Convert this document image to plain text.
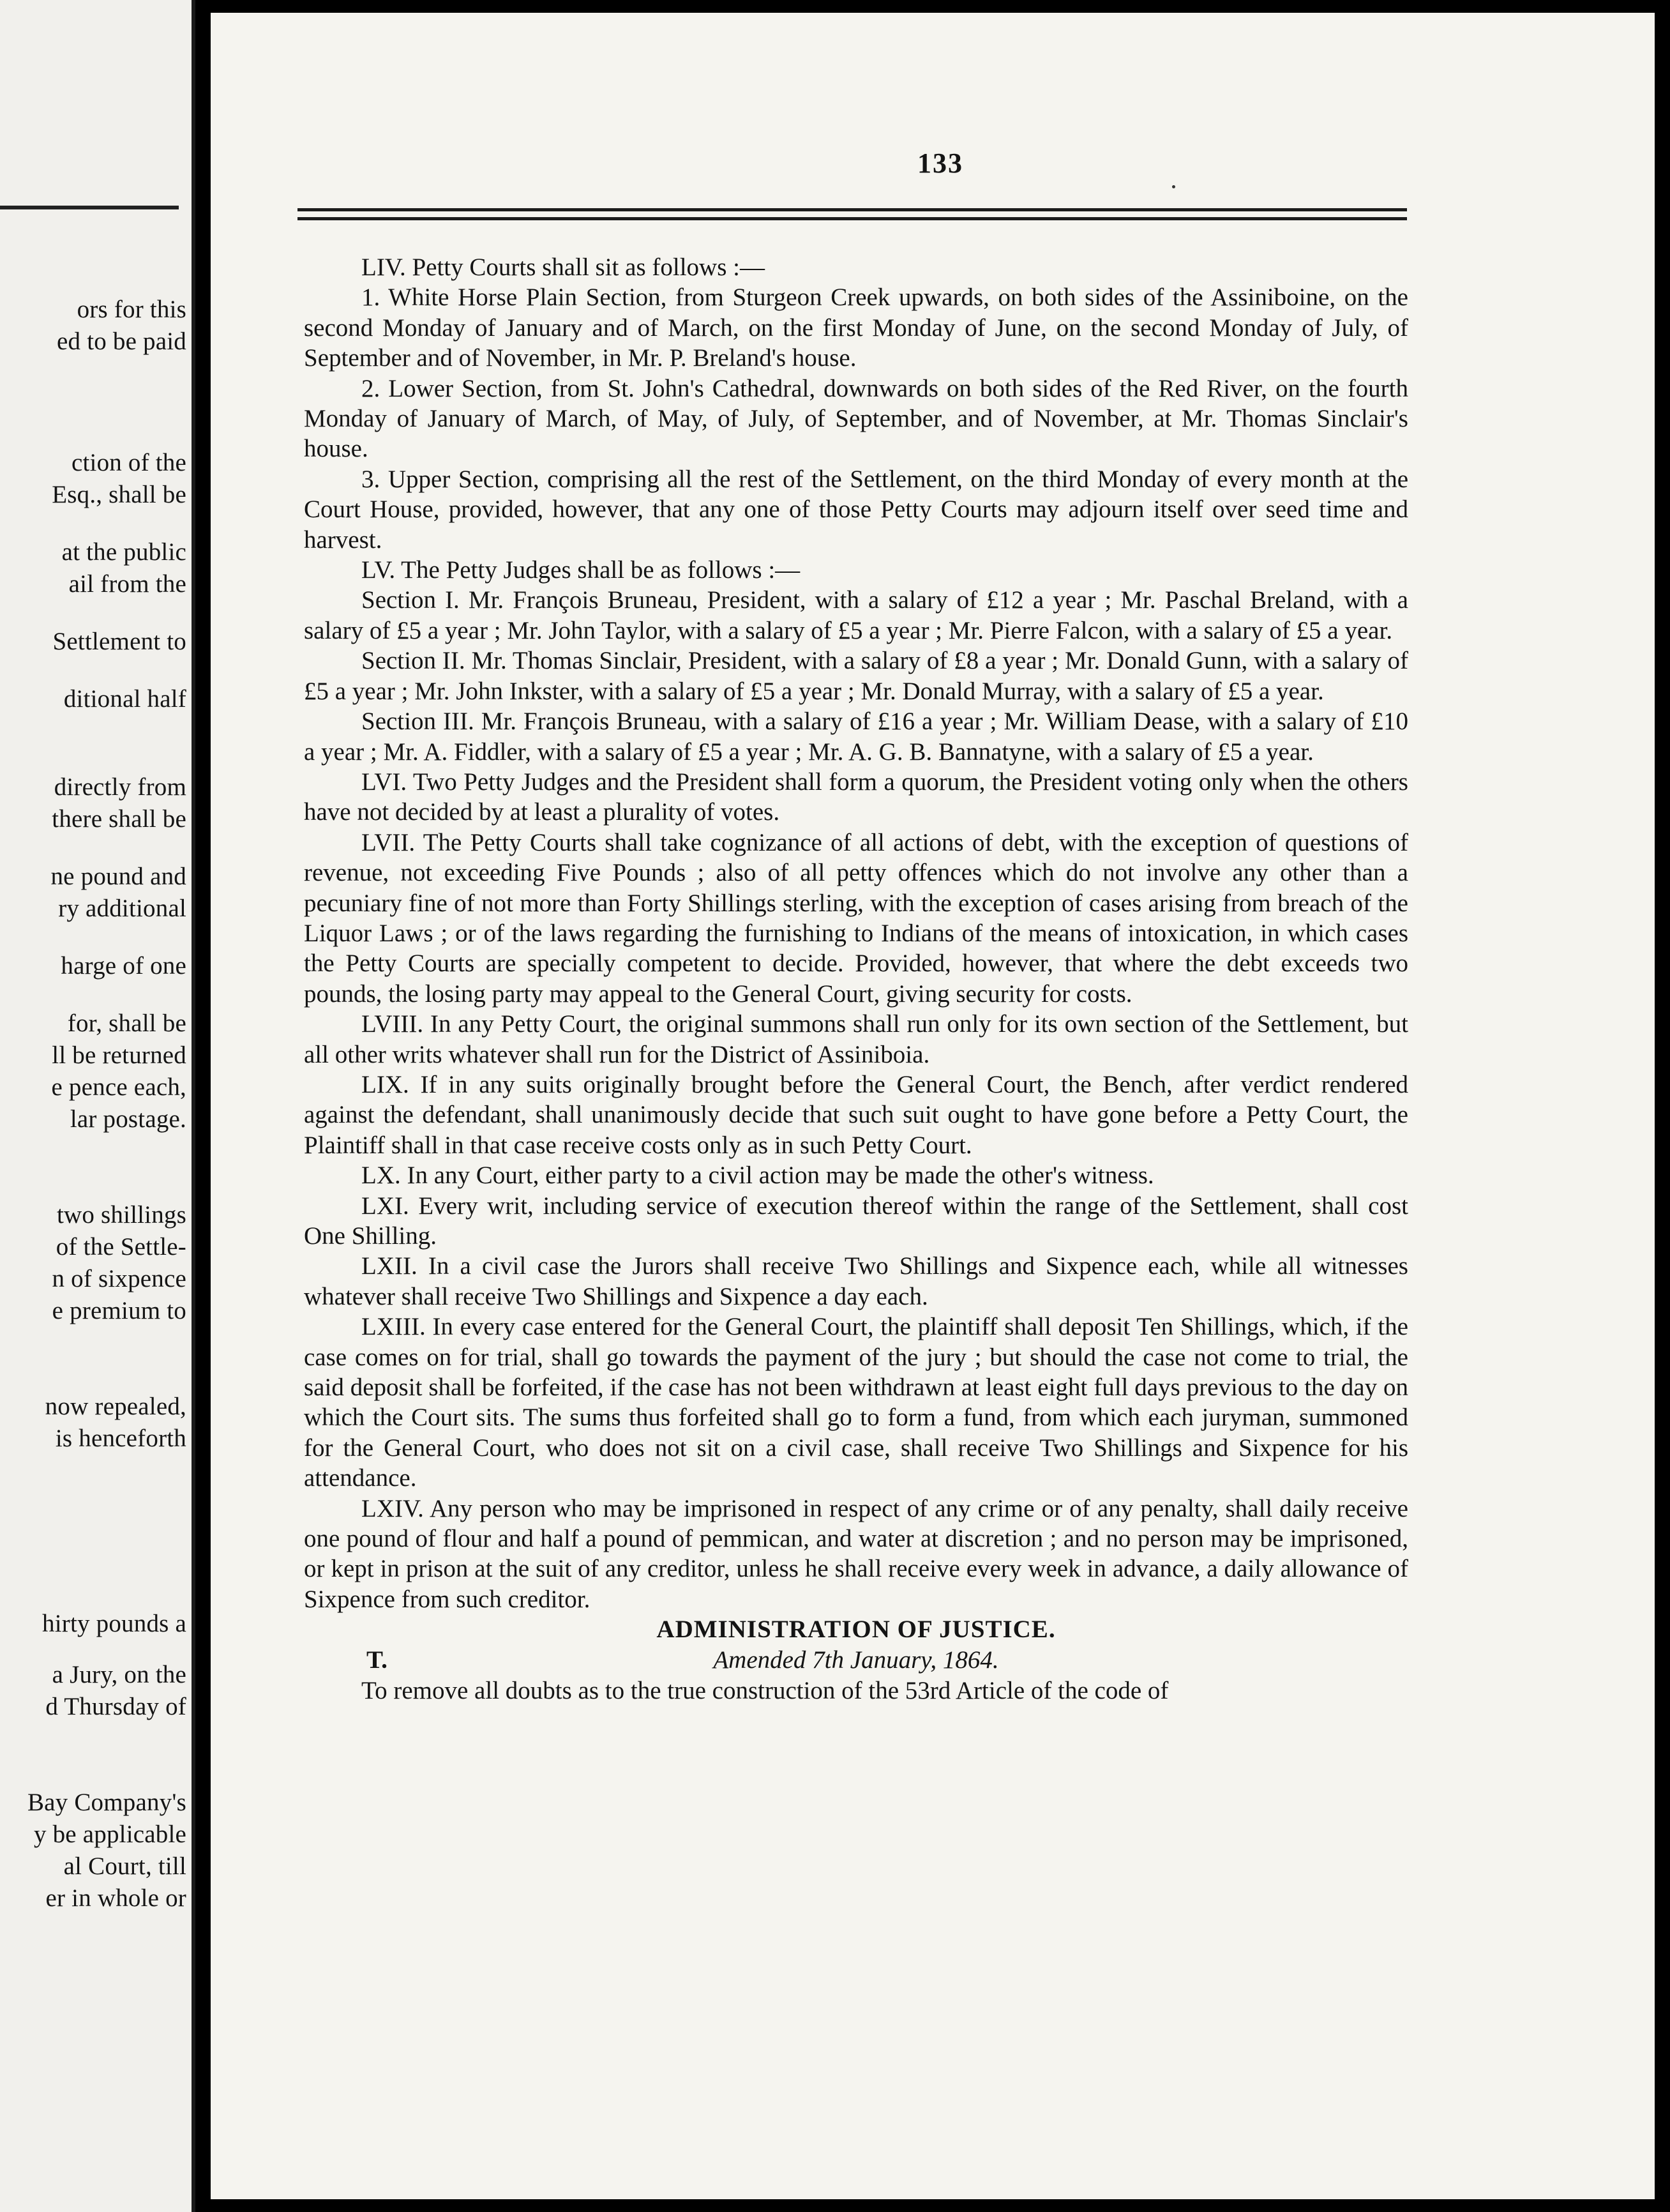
ors for this
ed to be paid
ction of the
Esq., shall be
at the public
ail from the
Settlement to
ditional half
directly from
there shall be
ne pound and
ry additional
harge of one
for, shall be
ll be returned
e pence each,
lar postage.
two shillings
of the Settle-
n of sixpence
e premium to
now repealed,
is henceforth
hirty pounds a
a Jury, on the
d Thursday of
Bay Company's
y be applicable
al Court, till
er in whole or
133

LIV. Petty Courts shall sit as follows :—

1. White Horse Plain Section, from Sturgeon Creek upwards, on both sides of the Assiniboine, on the second Monday of January and of March, on the first Monday of June, on the second Monday of July, of September and of November, in Mr. P. Breland's house.

2. Lower Section, from St. John's Cathedral, downwards on both sides of the Red River, on the fourth Monday of January of March, of May, of July, of September, and of November, at Mr. Thomas Sinclair's house.

3. Upper Section, comprising all the rest of the Settlement, on the third Monday of every month at the Court House, provided, however, that any one of those Petty Courts may adjourn itself over seed time and harvest.

LV. The Petty Judges shall be as follows :—

Section I. Mr. François Bruneau, President, with a salary of £12 a year ; Mr. Paschal Breland, with a salary of £5 a year ; Mr. John Taylor, with a salary of £5 a year ; Mr. Pierre Falcon, with a salary of £5 a year.

Section II. Mr. Thomas Sinclair, President, with a salary of £8 a year ; Mr. Donald Gunn, with a salary of £5 a year ; Mr. John Inkster, with a salary of £5 a year ; Mr. Donald Murray, with a salary of £5 a year.

Section III. Mr. François Bruneau, with a salary of £16 a year ; Mr. William Dease, with a salary of £10 a year ; Mr. A. Fiddler, with a salary of £5 a year ; Mr. A. G. B. Bannatyne, with a salary of £5 a year.

LVI. Two Petty Judges and the President shall form a quorum, the President voting only when the others have not decided by at least a plurality of votes.

LVII. The Petty Courts shall take cognizance of all actions of debt, with the exception of questions of revenue, not exceeding Five Pounds ; also of all petty offences which do not involve any other than a pecuniary fine of not more than Forty Shillings sterling, with the exception of cases arising from breach of the Liquor Laws ; or of the laws regarding the furnishing to Indians of the means of intoxication, in which cases the Petty Courts are specially competent to decide. Provided, however, that where the debt exceeds two pounds, the losing party may appeal to the General Court, giving security for costs.

LVIII. In any Petty Court, the original summons shall run only for its own section of the Settlement, but all other writs whatever shall run for the District of Assiniboia.

LIX. If in any suits originally brought before the General Court, the Bench, after verdict rendered against the defendant, shall unanimously decide that such suit ought to have gone before a Petty Court, the Plaintiff shall in that case receive costs only as in such Petty Court.

LX. In any Court, either party to a civil action may be made the other's witness.

LXI. Every writ, including service of execution thereof within the range of the Settlement, shall cost One Shilling.

LXII. In a civil case the Jurors shall receive Two Shillings and Sixpence each, while all witnesses whatever shall receive Two Shillings and Sixpence a day each.

LXIII. In every case entered for the General Court, the plaintiff shall deposit Ten Shillings, which, if the case comes on for trial, shall go towards the payment of the jury ; but should the case not come to trial, the said deposit shall be forfeited, if the case has not been withdrawn at least eight full days previous to the day on which the Court sits. The sums thus forfeited shall go to form a fund, from which each juryman, summoned for the General Court, who does not sit on a civil case, shall receive Two Shillings and Sixpence for his attendance.

LXIV. Any person who may be imprisoned in respect of any crime or of any penalty, shall daily receive one pound of flour and half a pound of pemmican, and water at discretion ; and no person may be imprisoned, or kept in prison at the suit of any creditor, unless he shall receive every week in advance, a daily allowance of Sixpence from such creditor.

ADMINISTRATION OF JUSTICE.

T.	Amended 7th January, 1864.

To remove all doubts as to the true construction of the 53rd Article of the code of
